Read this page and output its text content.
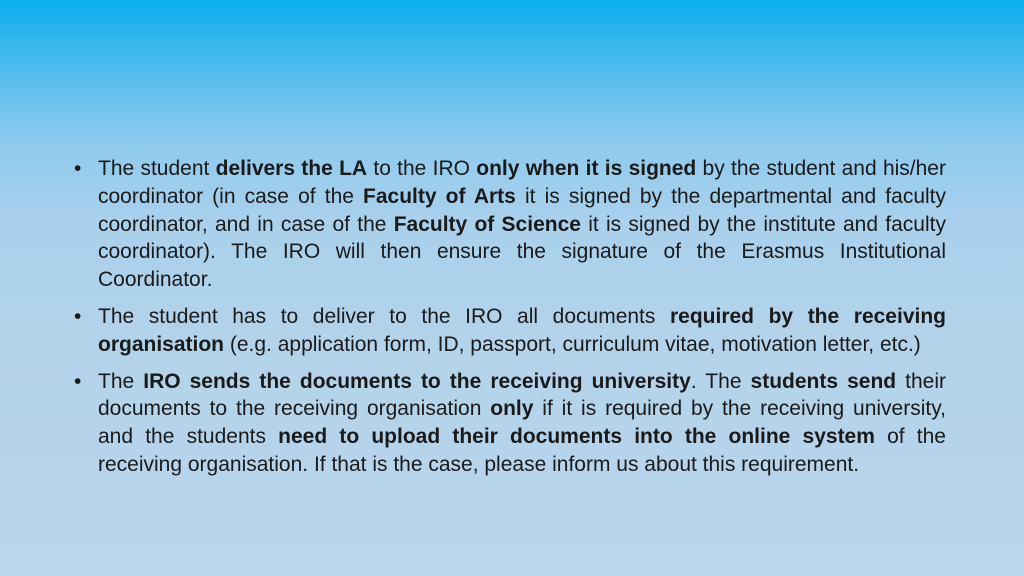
• The student delivers the LA to the IRO only when it is signed by the student and his/her coordinator (in case of the Faculty of Arts it is signed by the departmental and faculty coordinator, and in case of the Faculty of Science it is signed by the institute and faculty coordinator). The IRO will then ensure the signature of the Erasmus Institutional Coordinator.
• The student has to deliver to the IRO all documents required by the receiving organisation (e.g. application form, ID, passport, curriculum vitae, motivation letter, etc.)
• The IRO sends the documents to the receiving university. The students send their documents to the receiving organisation only if it is required by the receiving university, and the students need to upload their documents into the online system of the receiving organisation. If that is the case, please inform us about this requirement.
